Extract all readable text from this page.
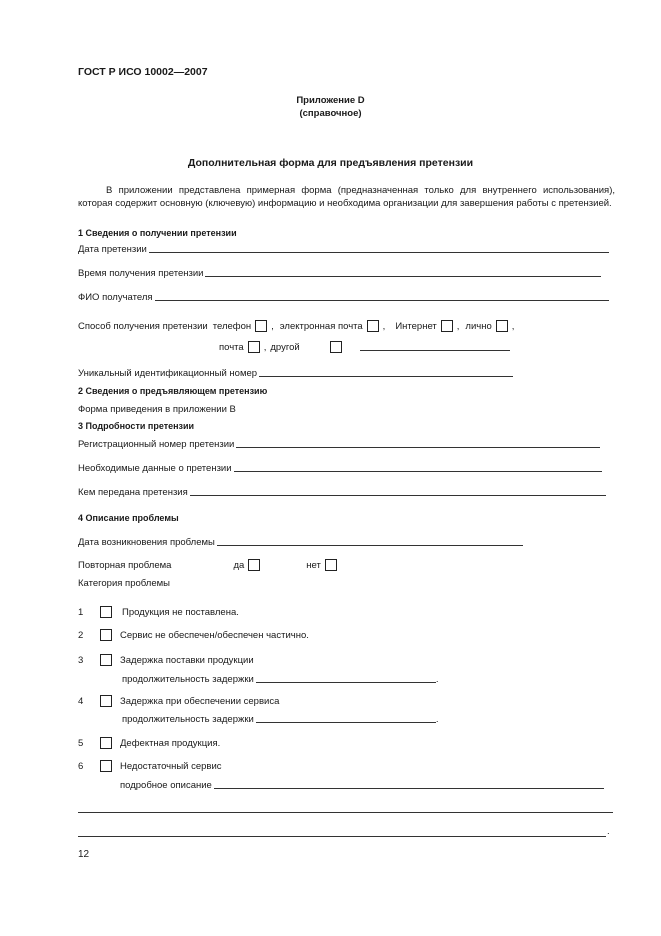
ГОСТ Р ИСО 10002—2007
Приложение D
(справочное)
Дополнительная форма для предъявления претензии
В приложении представлена примерная форма (предназначенная только для внутреннего использования), которая содержит основную (ключевую) информацию и необходима организации для завершения работы с претензией.
1 Сведения о получении претензии
Дата претензии
Время получения претензии
ФИО получателя
Способ получения претензии телефон , электронная почта , Интернет , лично ,
почта , другой
Уникальный идентификационный номер
2 Сведения о предъявляющем претензию
Форма приведения в приложении В
3 Подробности претензии
Регистрационный номер претензии
Необходимые данные о претензии
Кем передана претензия
4 Описание проблемы
Дата возникновения проблемы
Повторная проблема	да	нет
Категория проблемы
1	Продукция не поставлена.
2	Сервис не обеспечен/обеспечен частично.
3	Задержка поставки продукции
продолжительность задержки	.
4	Задержка при обеспечении сервиса
продолжительность задержки	.
5	Дефектная продукция.
6	Недостаточный сервис
подробное описание
.
12
